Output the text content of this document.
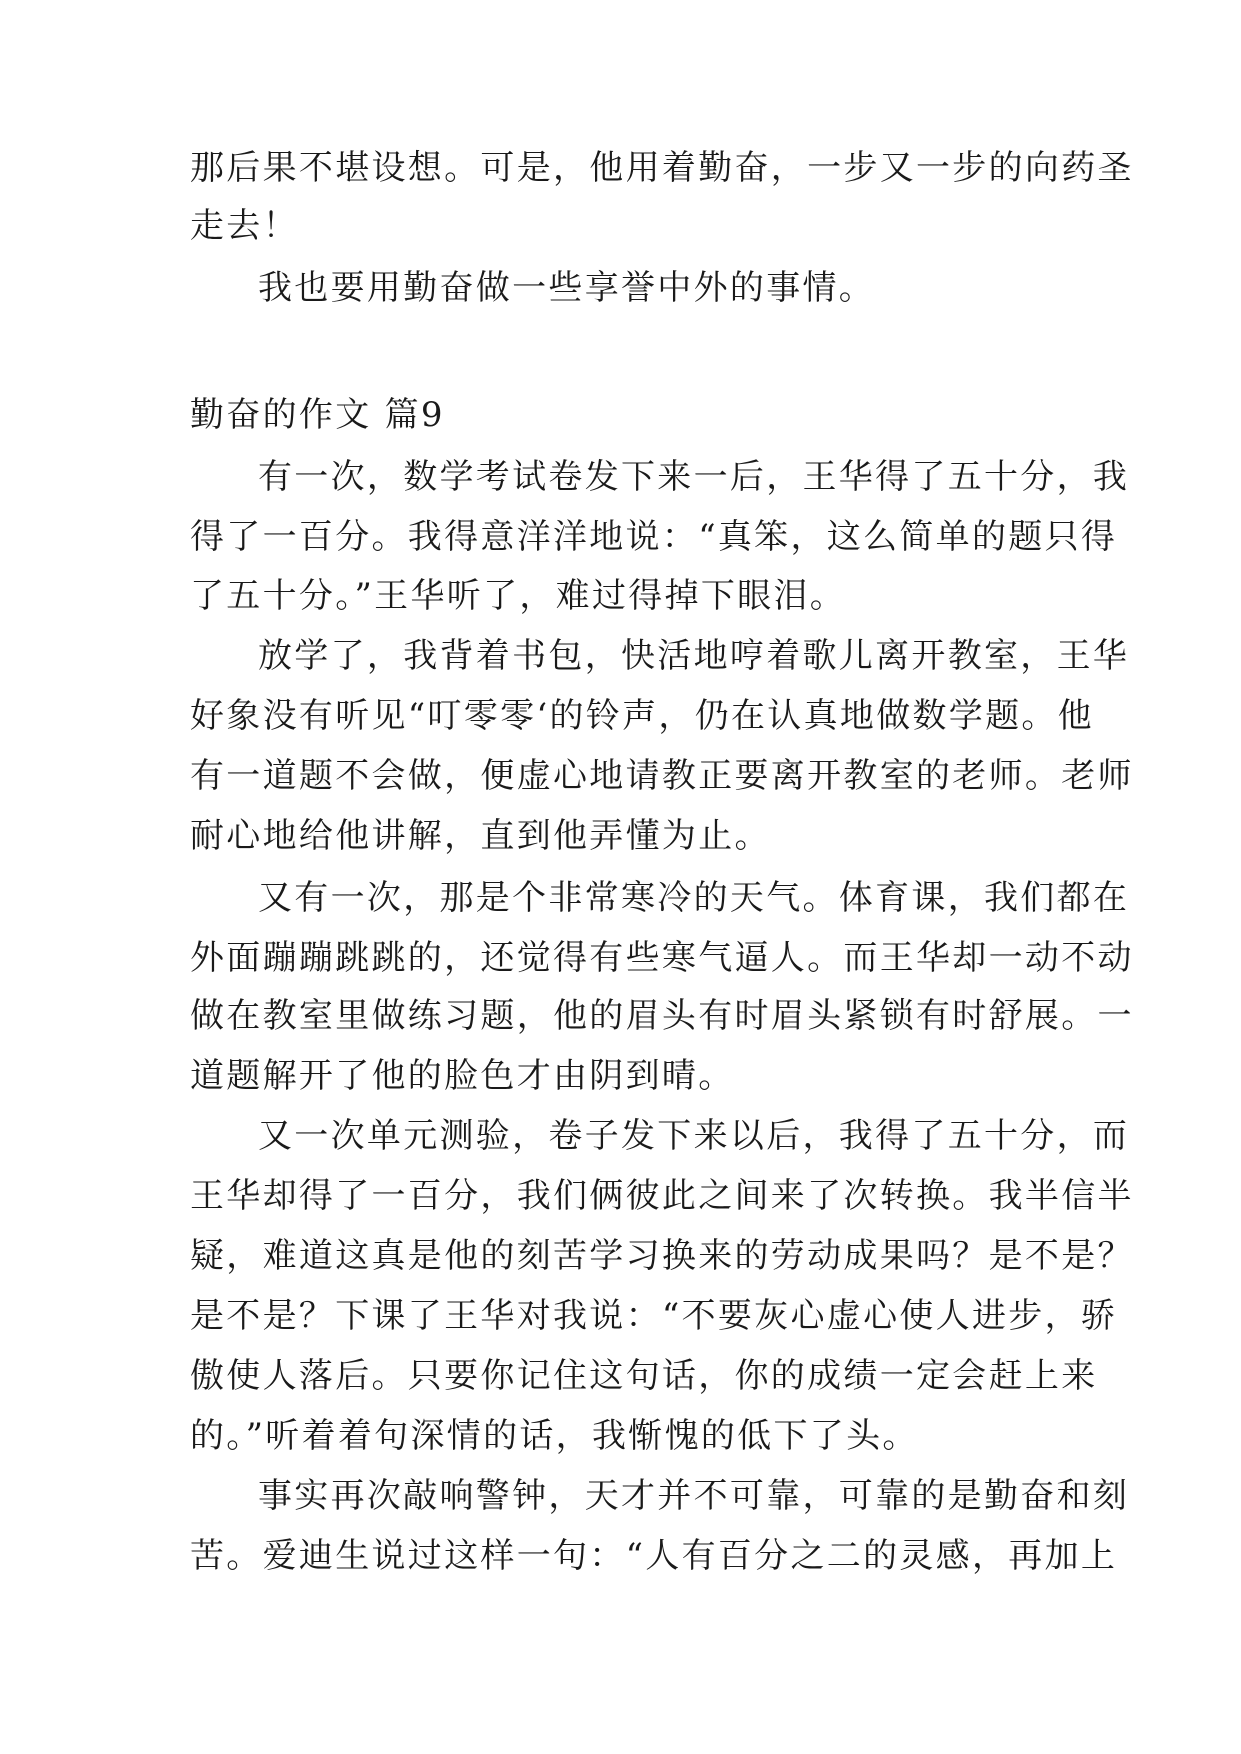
那后果不堪设想。可是，他用着勤奋，一步又一步的向药圣

走去！

我也要用勤奋做一些享誉中外的事情。

勤奋的作文 篇9

有一次，数学考试卷发下来一后，王华得了五十分，我

得了一百分。我得意洋洋地说：“真笨，这么简单的题只得

了五十分。”王华听了，难过得掉下眼泪。

放学了，我背着书包，快活地哼着歌儿离开教室，王华

好象没有听见“叮零零‘的铃声，仍在认真地做数学题。他

有一道题不会做，便虚心地请教正要离开教室的老师。老师

耐心地给他讲解，直到他弄懂为止。

又有一次，那是个非常寒冷的天气。体育课，我们都在

外面蹦蹦跳跳的，还觉得有些寒气逼人。而王华却一动不动

做在教室里做练习题，他的眉头有时眉头紧锁有时舒展。一

道题解开了他的脸色才由阴到晴。

又一次单元测验，卷子发下来以后，我得了五十分，而

王华却得了一百分，我们俩彼此之间来了次转换。我半信半

疑，难道这真是他的刻苦学习换来的劳动成果吗？是不是？

是不是？下课了王华对我说：“不要灰心虚心使人进步，骄

傲使人落后。只要你记住这句话，你的成绩一定会赶上来

的。”听着着句深情的话，我惭愧的低下了头。

事实再次敲响警钟，天才并不可靠，可靠的是勤奋和刻

苦。爱迪生说过这样一句：“人有百分之二的灵感，再加上
